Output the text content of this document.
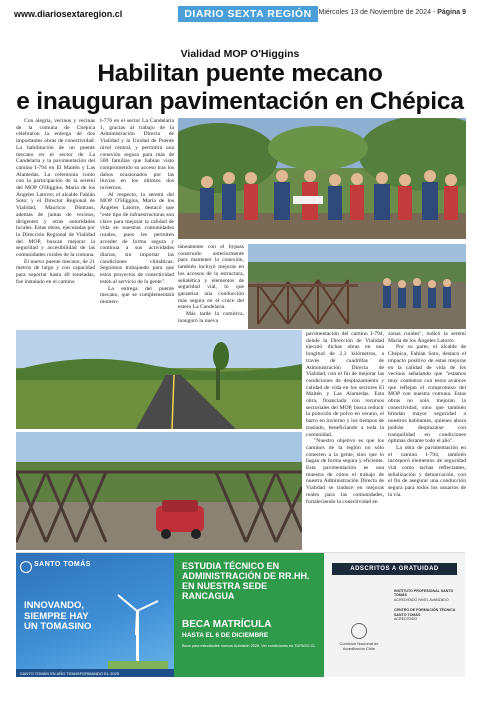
www.diariosextaregion.cl	DIARIO SEXTA REGIÓN Miércoles 13 de Noviembre de 2024 - Página 9
Vialidad MOP O'Higgins
Habilitan puente mecano
e inauguran pavimentación en Chépica

Con alegría, vecinos y vecinas de la comuna de Chépica celebraron la entrega de dos importantes obras de conectividad. La habilitación de un puente mecano en el sector de La Candelaria y la pavimentación del camino I-794 en El Maitén y Las Alamedas. La ceremonia contó con la participación de la seremi del MOP O'Higgins, María de los Ángeles Latorre; el alcalde Fabián Soto; y el Director Regional de Vialidad, Mauricio Díntrans, además de juntas de vecinos, dirigentes y otras autoridades locales. Estas obras, ejecutadas por la Dirección Regional de Vialidad del MOP, buscan mejorar la seguridad y accesibilidad de las comunidades rurales de la comuna.

El nuevo puente mecano, de 21 metros de largo y con capacidad para soportar hasta 40 toneladas, fue instalado en el camino

I-776 en el sector La Candelaria 1, gracias al trabajo de la Administración Directa de Vialidad y la Unidad de Puente nivel central, y permitirá una conexión segura para más de 500 familias que habían visto comprometido su acceso tras los daños ocasionados por las lluvias en los últimos dos inviernos.

Al respecto, la seremi del MOP O'Higgins, María de los Ángeles Latorre, destacó que "este tipo de infraestructuras son clave para mejorar la calidad de vida en nuestras comunidades rurales, pues les permiten acceder de forma segura y continua a sus actividades diarias, sin importar las condiciones climáticas. Seguimos trabajando para que estos proyectos de conectividad estén al servicio de la gente".

La entrega del puente mecano, que se complementará momen-

táneamente con el bypass construido anteriormente para mantener la conexión, también incluyó mejoras en los accesos de la estructura, señalética y elementos de seguridad vial, lo que garantiza una conducción más segura en el cruce del estero La Candelaria.

Más tarde la comitiva, inauguró la nueva

pavimentación del camino I-794, donde la Dirección de Vialidad ejecutó dichas obras en una longitud de 2,3 kilómetros, a través de cuadrillas de Administración Directa de Vialidad, con el fin de mejorar las condiciones de desplazamiento y calidad de vida en los sectores El Maitén y Las Alamedas. Esta obra, financiada con recursos sectoriales del MOP, busca reducir la polución de polvo en verano, el barro en invierno y los tiempos de traslado, beneficiando a toda la comunidad.

"Nuestro objetivo es que los caminos de la región no sólo conecten a la gente, sino que lo hagan de forma segura y eficiente. Esta pavimentación es una muestra de cómo el trabajo de nuestra Administración Directa de Vialidad se traduce en mejoras reales para las comunidades, fortaleciendo la conectividad en

zonas rurales", indicó la seremi María de los Ángeles Latorre.

Por su parte, el alcalde de Chépica, Fabián Soto, destacó el impacto positivo de estas mejoras en la calidad de vida de los vecinos señalando que "estamos muy contentos con estos avances que reflejan el compromiso del MOP con nuestra comuna. Estas obras no solo mejoran la conectividad, sino que también brindan mayor seguridad a nuestros habitantes, quienes ahora podrán desplazarse con tranquilidad en condiciones óptimas durante todo el año".

La obra de pavimentación en el camino I-794, también incorporó elementos de seguridad vial como tachas reflectantes, señalización y demarcación, con el fin de asegurar una conducción segura para todos los usuarios de la vía.

SANTO TOMÁS
INNOVANDO,
SIEMPRE HAY
UN TOMASINO
SANTO TOMÁS EN AÑO TRANSFORMANDO EL 2025
ESTUDIA TÉCNICO EN
ADMINISTRACIÓN DE RR.HH.
EN NUESTRA SEDE RANCAGUA
BECA MATRÍCULA
HASTA EL 6 DE DICIEMBRE
Beca para estudiantes nuevos Admisión 2025. Ver condiciones en TUPASO.CL
ADSCRITOS A GRATUIDAD
INSTITUTO PROFESIONAL SANTO TOMÁS
ACREDITADO NIVEL AVANZADO
CENTRO DE FORMACIÓN TÉCNICA SANTO TOMÁS
ACREDITADO
Comisión Nacional de Acreditación Chile
